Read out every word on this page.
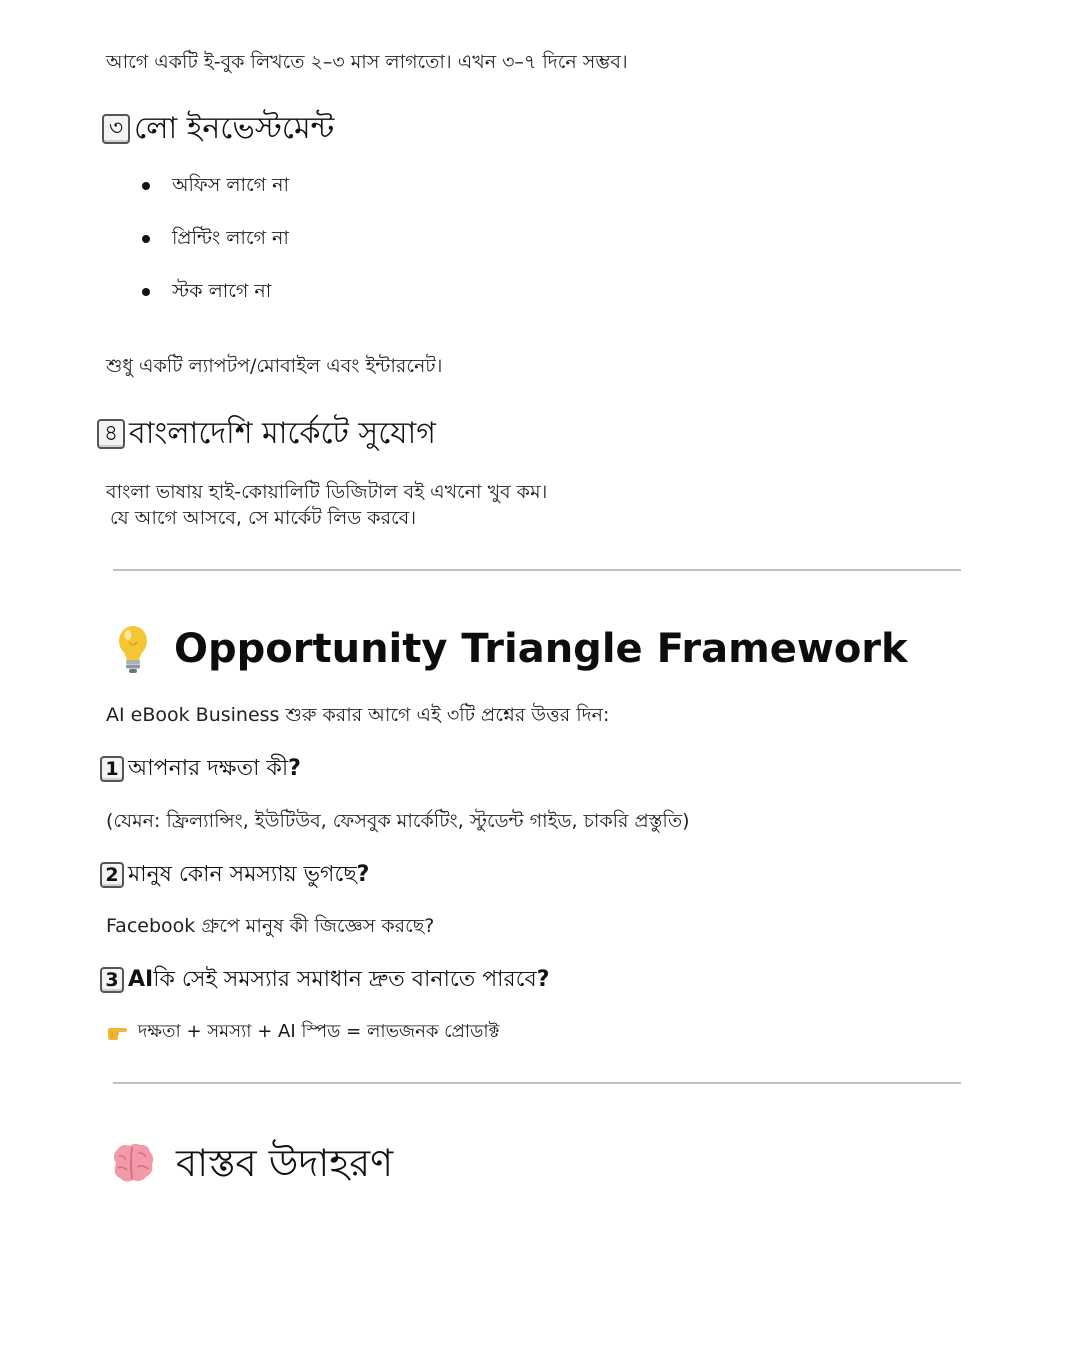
আগে একটি ই-বুক লিখতে ২–৩ মাস লাগতো। এখন ৩–৭ দিনে সম্ভব।
৩ লো ইনভেস্টমেন্ট
অফিস লাগে না
প্রিন্টিং লাগে না
স্টক লাগে না
শুধু একটি ল্যাপটপ/মোবাইল এবং ইন্টারনেট।
৪ বাংলাদেশি মার্কেটে সুযোগ
বাংলা ভাষায় হাই-কোয়ালিটি ডিজিটাল বই এখনো খুব কম।
যে আগে আসবে, সে মার্কেট লিড করবে।
Opportunity Triangle Framework
AI eBook Business শুরু করার আগে এই ৩টি প্রশ্নের উত্তর দিন:
1 আপনার দক্ষতা কী ?
(যেমন: ফ্রিল্যান্সিং, ইউটিউব, ফেসবুক মার্কেটিং, স্টুডেন্ট গাইড, চাকরি প্রস্তুতি)
2 মানুষ কোন সমস্যায় ভুগছে ?
Facebook গ্রুপে মানুষ কী জিজ্ঞেস করছে?
3 AI কি সেই সমস্যার সমাধান দ্রুত বানাতে পারবে ?
দক্ষতা + সমস্যা + AI স্পিড = লাভজনক প্রোডাক্ট
বাস্তব উদাহরণ
